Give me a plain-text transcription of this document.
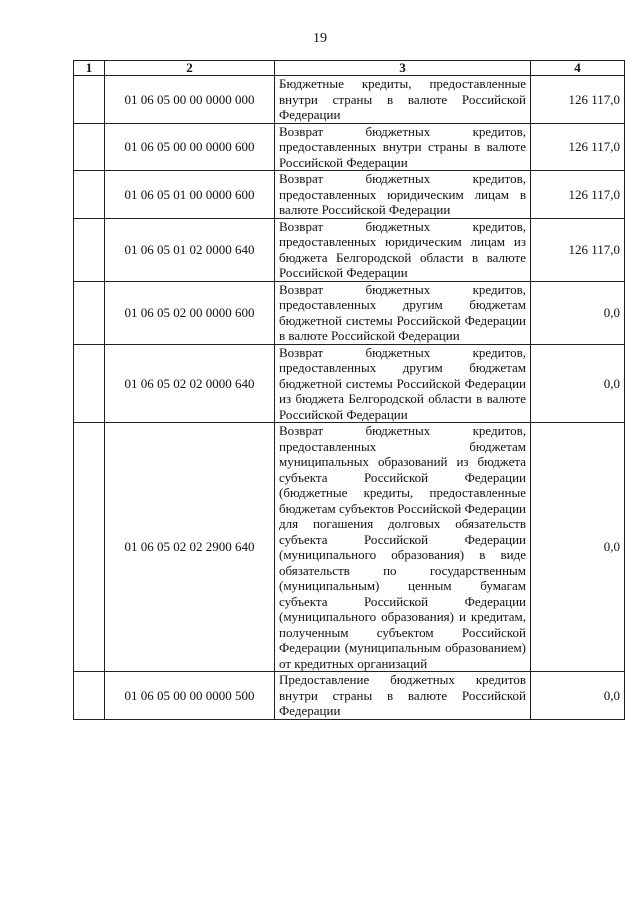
19
1	2	3	4
	01 06 05 00 00 0000 000	Бюджетные кредиты, предоставленные внутри страны в валюте Российской Федерации	126 117,0
	01 06 05 00 00 0000 600	Возврат бюджетных кредитов, предоставленных внутри страны в валюте Российской Федерации	126 117,0
	01 06 05 01 00 0000 600	Возврат бюджетных кредитов, предоставленных юридическим лицам в валюте Российской Федерации	126 117,0
	01 06 05 01 02 0000 640	Возврат бюджетных кредитов, предоставленных юридическим лицам из бюджета Белгородской области в валюте Российской Федерации	126 117,0
	01 06 05 02 00 0000 600	Возврат бюджетных кредитов, предоставленных другим бюджетам бюджетной системы Российской Федерации в валюте Российской Федерации	0,0
	01 06 05 02 02 0000 640	Возврат бюджетных кредитов, предоставленных другим бюджетам бюджетной системы Российской Федерации из бюджета Белгородской области в валюте Российской Федерации	0,0
	01 06 05 02 02 2900 640	Возврат бюджетных кредитов, предоставленных бюджетам муниципальных образований из бюджета субъекта Российской Федерации (бюджетные кредиты, предоставленные бюджетам субъектов Российской Федерации для погашения долговых обязательств субъекта Российской Федерации (муниципального образования) в виде обязательств по государственным (муниципальным) ценным бумагам субъекта Российской Федерации (муниципального образования) и кредитам, полученным субъектом Российской Федерации (муниципальным образованием) от кредитных организаций	0,0
	01 06 05 00 00 0000 500	Предоставление бюджетных кредитов внутри страны в валюте Российской Федерации	0,0
